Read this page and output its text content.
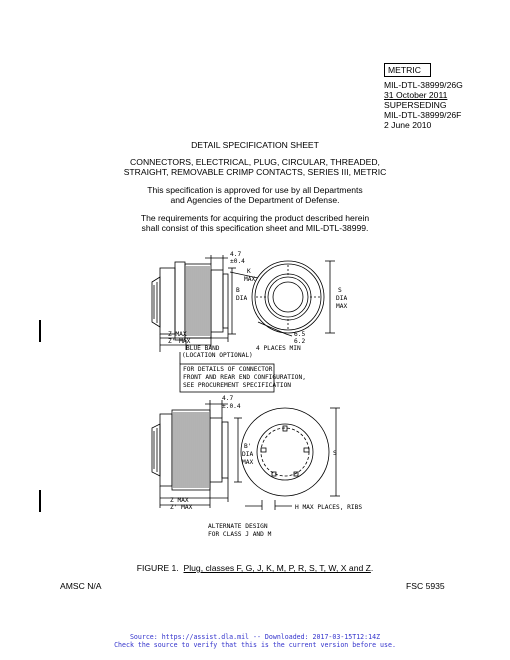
METRIC
MIL-DTL-38999/26G
31 October 2011
SUPERSEDING
MIL-DTL-38999/26F
2 June 2010
DETAIL SPECIFICATION SHEET
CONNECTORS, ELECTRICAL, PLUG, CIRCULAR, THREADED,
STRAIGHT, REMOVABLE CRIMP CONTACTS, SERIES III, METRIC
This specification is approved for use by all Departments
and Agencies of the Department of Defense.
The requirements for acquiring the product described herein
shall consist of this specification sheet and MIL-DTL-38999.
4.7
±0.4
K
MAX
B
DIA
S
DIA
MAX
6.5
6.2
4 PLACES MIN
Z MAX
Z' MAX
BLUE BAND
(LOCATION OPTIONAL)
FOR DETAILS OF CONNECTOR
FRONT AND REAR END CONFIGURATION,
SEE PROCUREMENT SPECIFICATION
4.7
±.0.4
B'
DIA
MAX
S
Z MAX
Z' MAX	H MAX PLACES, RIBS
ALTERNATE DESIGN
FOR CLASS J AND M
FIGURE 1. Plug, classes F, G, J, K, M, P, R, S, T, W, X and Z.
AMSC N/A	FSC 5935
Source: https://assist.dla.mil -- Downloaded: 2017-03-15T12:14Z
Check the source to verify that this is the current version before use.
